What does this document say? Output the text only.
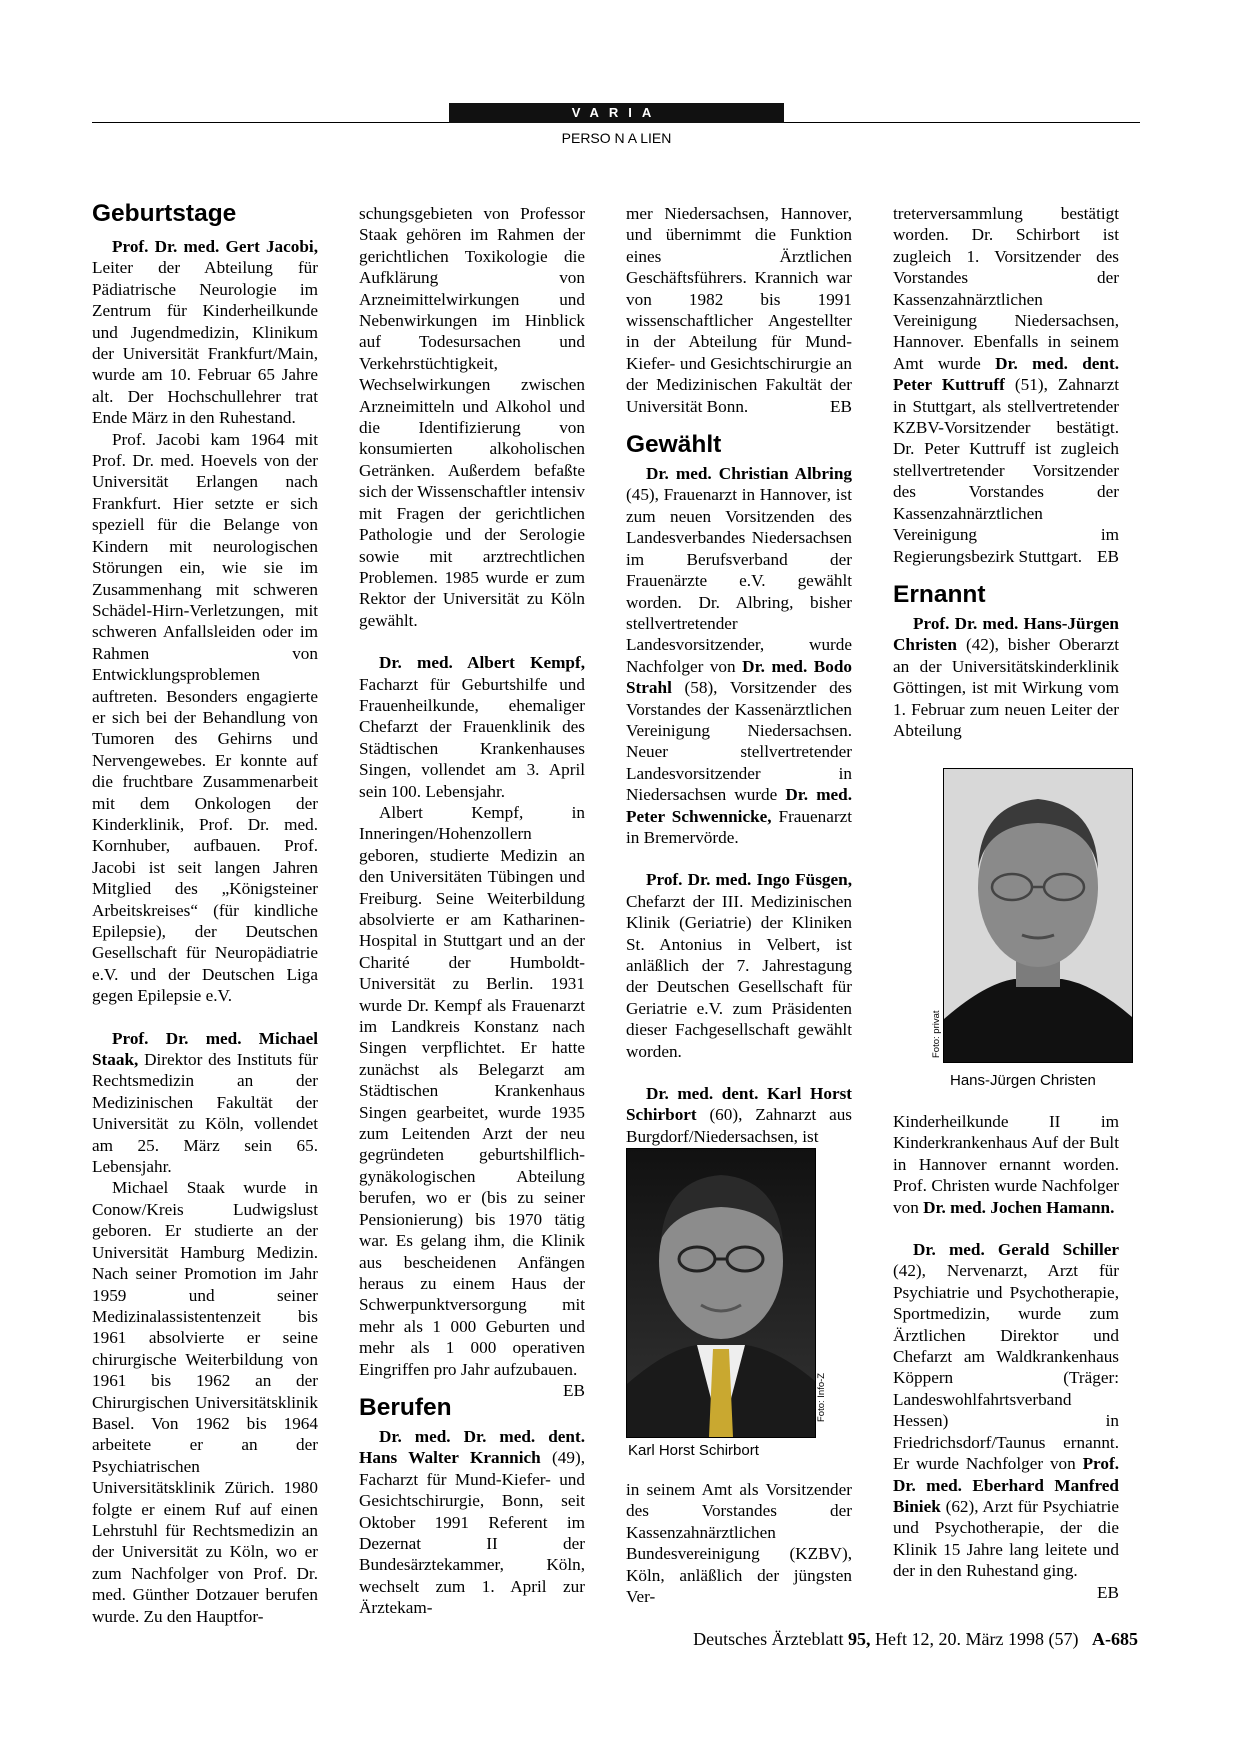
VARIA
PERSO N A LIEN
Geburtstage

Prof. Dr. med. Gert Jacobi, Leiter der Abteilung für Pädiatrische Neurologie im Zentrum für Kinderheilkunde und Jugendmedizin, Klinikum der Universität Frankfurt/Main, wurde am 10. Februar 65 Jahre alt. Der Hochschullehrer trat Ende März in den Ruhestand.

Prof. Jacobi kam 1964 mit Prof. Dr. med. Hoevels von der Universität Erlangen nach Frankfurt. Hier setzte er sich speziell für die Belange von Kindern mit neurologischen Störungen ein, wie sie im Zusammenhang mit schweren Schädel-Hirn-Verletzungen, mit schweren Anfallsleiden oder im Rahmen von Entwicklungsproblemen auftreten. Besonders engagierte er sich bei der Behandlung von Tumoren des Gehirns und Nervengewebes. Er konnte auf die fruchtbare Zusammenarbeit mit dem Onkologen der Kinderklinik, Prof. Dr. med. Kornhuber, aufbauen. Prof. Jacobi ist seit langen Jahren Mitglied des „Königsteiner Arbeitskreises“ (für kindliche Epilepsie), der Deutschen Gesellschaft für Neuropädiatrie e.V. und der Deutschen Liga gegen Epilepsie e.V.

Prof. Dr. med. Michael Staak, Direktor des Instituts für Rechtsmedizin an der Medizinischen Fakultät der Universität zu Köln, vollendet am 25. März sein 65. Lebensjahr.

Michael Staak wurde in Conow/Kreis Ludwigslust geboren. Er studierte an der Universität Hamburg Medizin. Nach seiner Promotion im Jahr 1959 und seiner Medizinalassistentenzeit bis 1961 absolvierte er seine chirurgische Weiterbildung von 1961 bis 1962 an der Chirurgischen Universitätsklinik Basel. Von 1962 bis 1964 arbeitete er an der Psychiatrischen Universitätsklinik Zürich. 1980 folgte er einem Ruf auf einen Lehrstuhl für Rechtsmedizin an der Universität zu Köln, wo er zum Nachfolger von Prof. Dr. med. Günther Dotzauer berufen wurde. Zu den Hauptfor-

schungsgebieten von Professor Staak gehören im Rahmen der gerichtlichen Toxikologie die Aufklärung von Arzneimittelwirkungen und Nebenwirkungen im Hinblick auf Todesursachen und Verkehrstüchtigkeit, Wechselwirkungen zwischen Arzneimitteln und Alkohol und die Identifizierung von konsumierten alkoholischen Getränken. Außerdem befaßte sich der Wissenschaftler intensiv mit Fragen der gerichtlichen Pathologie und der Serologie sowie mit arztrechtlichen Problemen. 1985 wurde er zum Rektor der Universität zu Köln gewählt.

Dr. med. Albert Kempf, Facharzt für Geburtshilfe und Frauenheilkunde, ehemaliger Chefarzt der Frauenklinik des Städtischen Krankenhauses Singen, vollendet am 3. April sein 100. Lebensjahr.

Albert Kempf, in Inneringen/Hohenzollern geboren, studierte Medizin an den Universitäten Tübingen und Freiburg. Seine Weiterbildung absolvierte er am Katharinen-Hospital in Stuttgart und an der Charité der Humboldt-Universität zu Berlin. 1931 wurde Dr. Kempf als Frauenarzt im Landkreis Konstanz nach Singen verpflichtet. Er hatte zunächst als Belegarzt am Städtischen Krankenhaus Singen gearbeitet, wurde 1935 zum Leitenden Arzt der neu gegründeten geburtshilflich-gynäkologischen Abteilung berufen, wo er (bis zu seiner Pensionierung) bis 1970 tätig war. Es gelang ihm, die Klinik aus bescheidenen Anfängen heraus zu einem Haus der Schwerpunktversorgung mit mehr als 1 000 Geburten und mehr als 1 000 operativen Eingriffen pro Jahr aufzubauen.
EB

Berufen

Dr. med. Dr. med. dent. Hans Walter Krannich (49), Facharzt für Mund-Kiefer- und Gesichtschirurgie, Bonn, seit Oktober 1991 Referent im Dezernat II der Bundesärztekammer, Köln, wechselt zum 1. April zur Ärztekam-

mer Niedersachsen, Hannover, und übernimmt die Funktion eines Ärztlichen Geschäftsführers. Krannich war von 1982 bis 1991 wissenschaftlicher Angestellter in der Abteilung für Mund-Kiefer- und Gesichtschirurgie an der Medizinischen Fakultät der Universität Bonn.	EB

Gewählt

Dr. med. Christian Albring (45), Frauenarzt in Hannover, ist zum neuen Vorsitzenden des Landesverbandes Niedersachsen im Berufsverband der Frauenärzte e.V. gewählt worden. Dr. Albring, bisher stellvertretender Landesvorsitzender, wurde Nachfolger von Dr. med. Bodo Strahl (58), Vorsitzender des Vorstandes der Kassenärztlichen Vereinigung Niedersachsen. Neuer stellvertretender Landesvorsitzender in Niedersachsen wurde Dr. med. Peter Schwennicke, Frauenarzt in Bremervörde.

Prof. Dr. med. Ingo Füsgen, Chefarzt der III. Medizinischen Klinik (Geriatrie) der Kliniken St. Antonius in Velbert, ist anläßlich der 7. Jahrestagung der Deutschen Gesellschaft für Geriatrie e.V. zum Präsidenten dieser Fachgesellschaft gewählt worden.

Dr. med. dent. Karl Horst Schirbort (60), Zahnarzt aus Burgdorf/Niedersachsen, ist

Foto: Info-Z
Karl Horst Schirbort

in seinem Amt als Vorsitzender des Vorstandes der Kassenzahnärztlichen Bundesvereinigung (KZBV), Köln, anläßlich der jüngsten Ver-

treterversammlung bestätigt worden. Dr. Schirbort ist zugleich 1. Vorsitzender des Vorstandes der Kassenzahnärztlichen Vereinigung Niedersachsen, Hannover. Ebenfalls in seinem Amt wurde Dr. med. dent. Peter Kuttruff (51), Zahnarzt in Stuttgart, als stellvertretender KZBV-Vorsitzender bestätigt. Dr. Peter Kuttruff ist zugleich stellvertretender Vorsitzender des Vorstandes der Kassenzahnärztlichen Vereinigung im Regierungsbezirk Stuttgart. EB

Ernannt

Prof. Dr. med. Hans-Jürgen Christen (42), bisher Oberarzt an der Universitätskinderklinik Göttingen, ist mit Wirkung vom 1. Februar zum neuen Leiter der Abteilung

Foto: privat
Hans-Jürgen Christen

Kinderheilkunde II im Kinderkrankenhaus Auf der Bult in Hannover ernannt worden. Prof. Christen wurde Nachfolger von Dr. med. Jochen Hamann.

Dr. med. Gerald Schiller (42), Nervenarzt, Arzt für Psychiatrie und Psychotherapie, Sportmedizin, wurde zum Ärztlichen Direktor und Chefarzt am Waldkrankenhaus Köppern (Träger: Landeswohlfahrtsverband Hessen) in Friedrichsdorf/Taunus ernannt. Er wurde Nachfolger von Prof. Dr. med. Eberhard Manfred Biniek (62), Arzt für Psychiatrie und Psychotherapie, der die Klinik 15 Jahre lang leitete und der in den Ruhestand ging.
EB

Deutsches Ärzteblatt 95, Heft 12, 20. März 1998 (57) A-685
